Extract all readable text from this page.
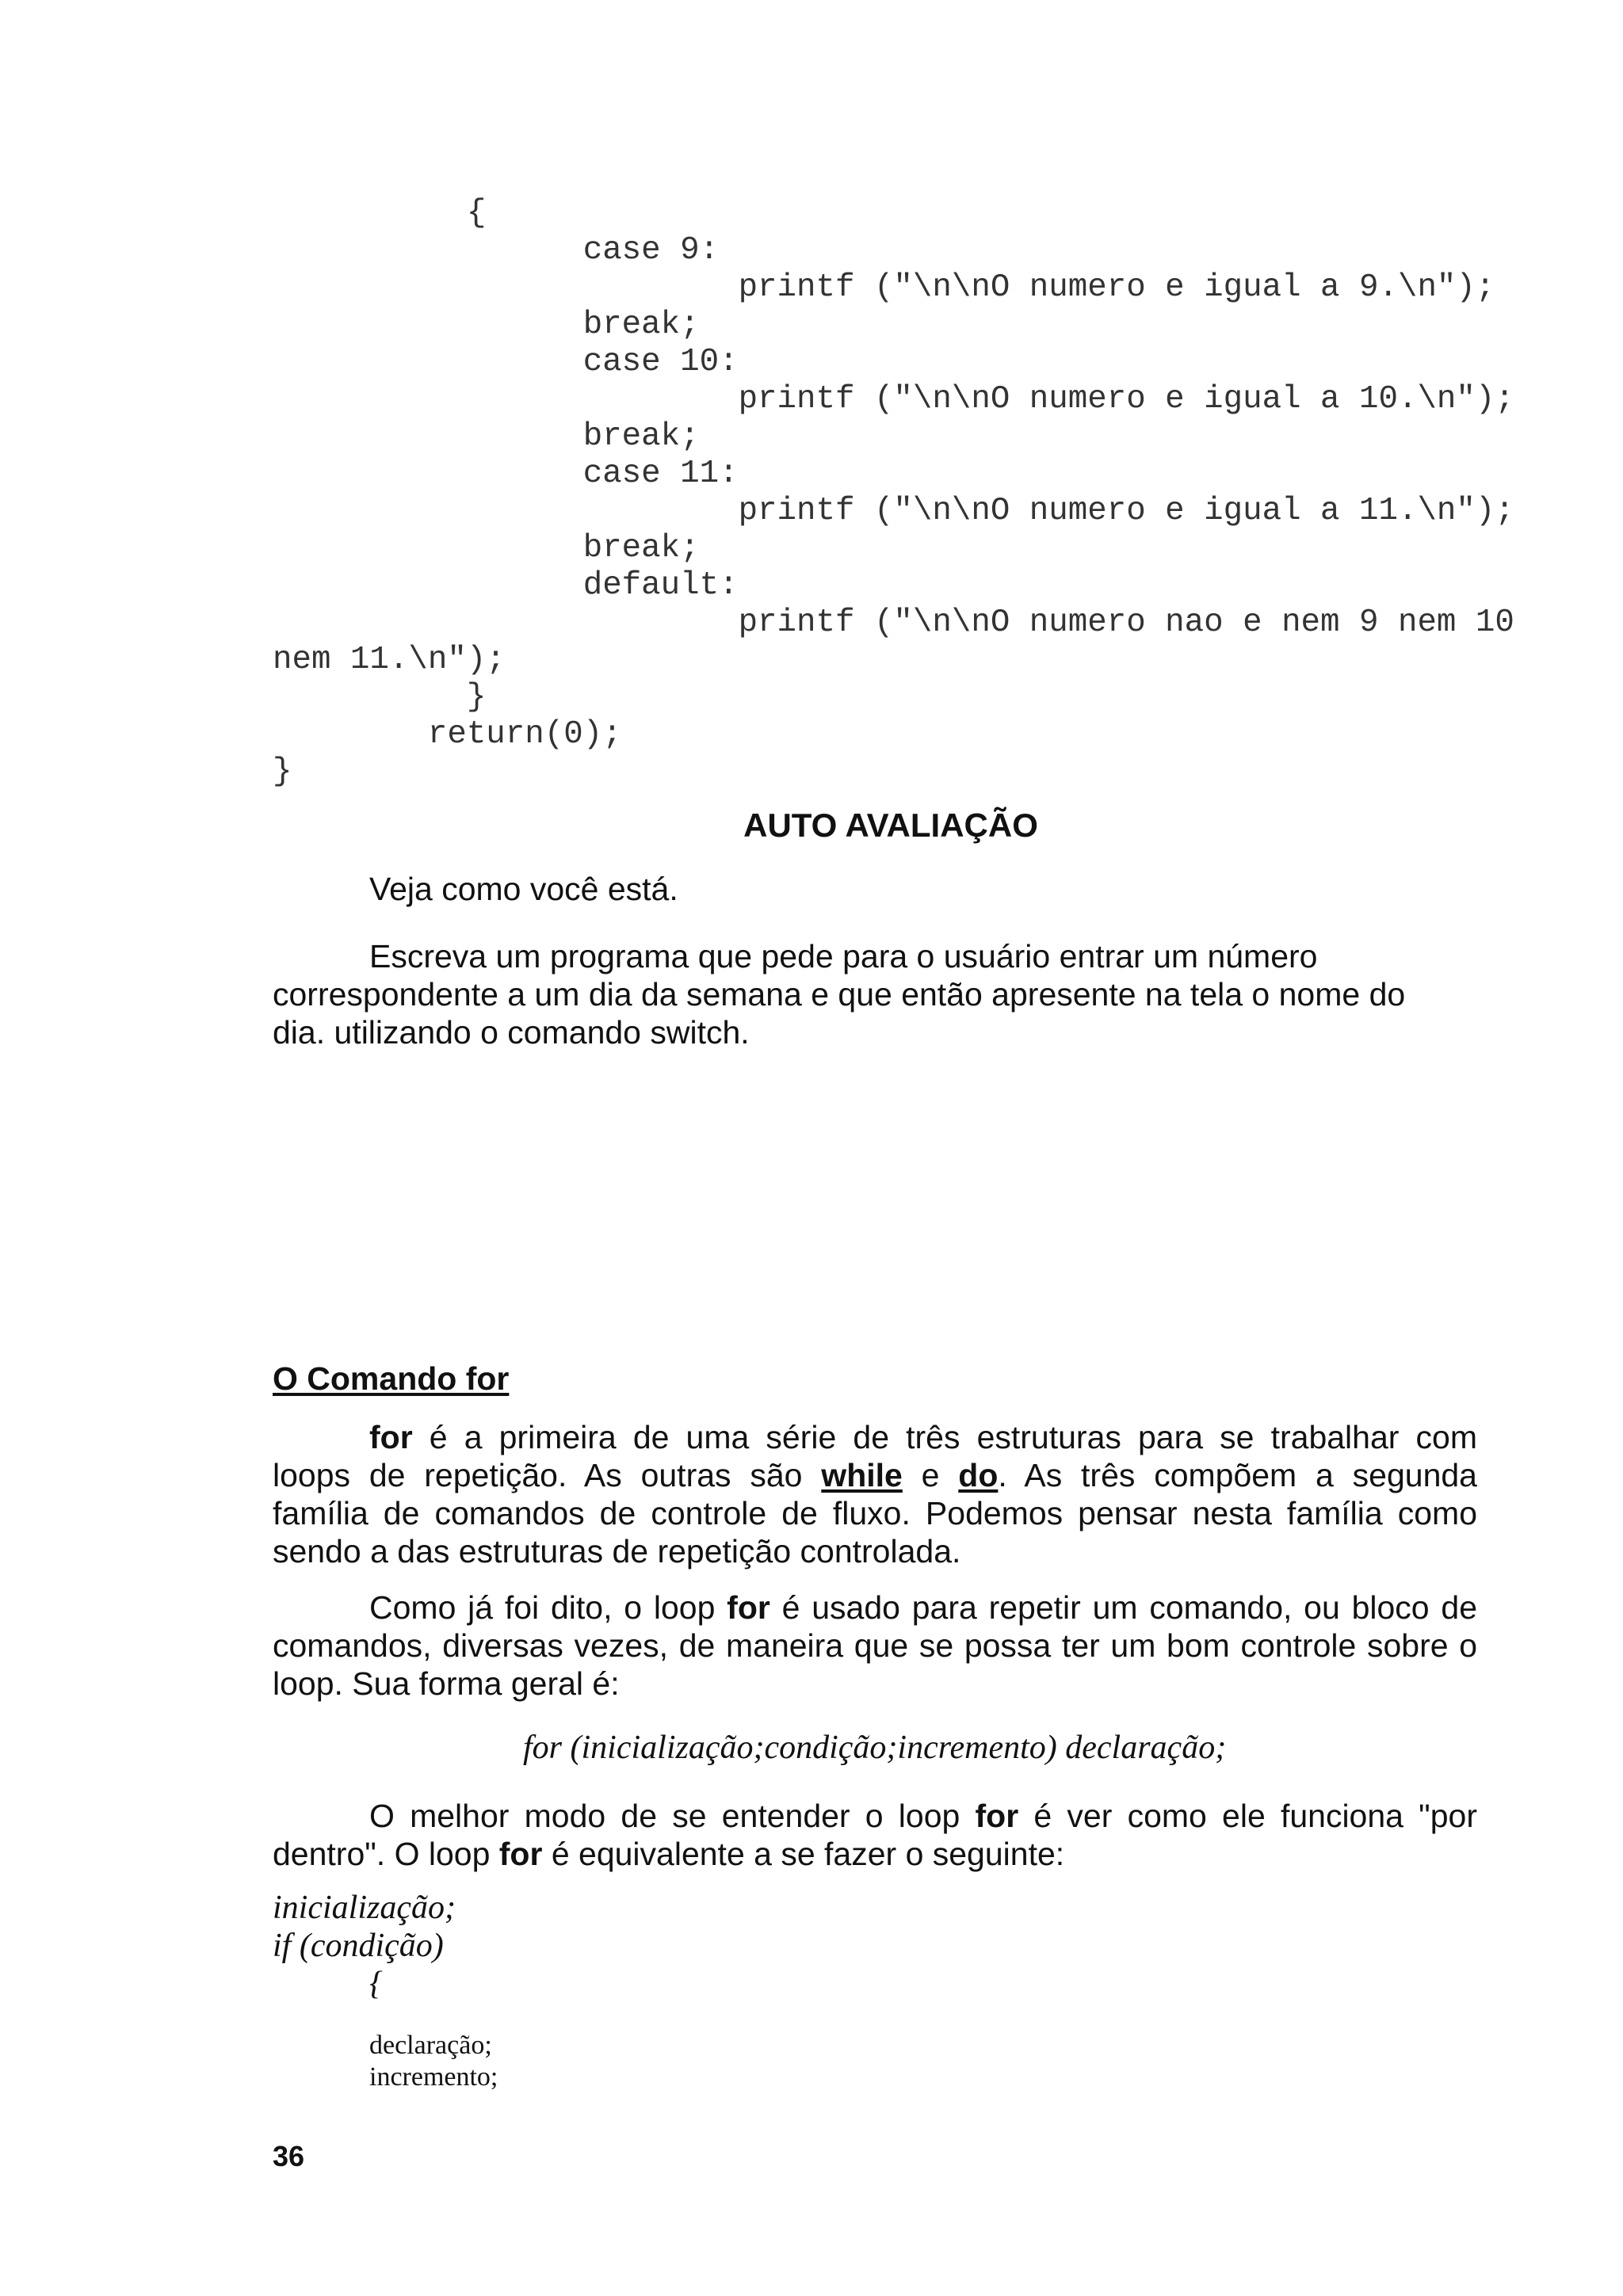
{
case 9:
printf ("\n\nO numero e igual a 9.\n");
break;
case 10:
printf ("\n\nO numero e igual a 10.\n");
break;
case 11:
printf ("\n\nO numero e igual a 11.\n");
break;
default:
printf ("\n\nO numero nao e nem 9 nem 10
nem 11.\n");
}
return(0);
}
AUTO AVALIAÇÃO
Veja como você está.
Escreva um programa que pede para o usuário entrar um número
correspondente a um dia da semana e que então apresente na tela o nome do
dia. utilizando o comando switch.
O Comando for
for é a primeira de uma série de três estruturas para se trabalhar com
loops de repetição. As outras são while e do. As três compõem a segunda
família de comandos de controle de fluxo. Podemos pensar nesta família como
sendo a das estruturas de repetição controlada.
Como já foi dito, o loop for é usado para repetir um comando, ou bloco de
comandos, diversas vezes, de maneira que se possa ter um bom controle sobre o
loop. Sua forma geral é:
for (inicialização;condição;incremento) declaração;
O melhor modo de se entender o loop for é ver como ele funciona "por
dentro". O loop for é equivalente a se fazer o seguinte:
inicialização;
if (condição)
{
declaração;
incremento;
36
